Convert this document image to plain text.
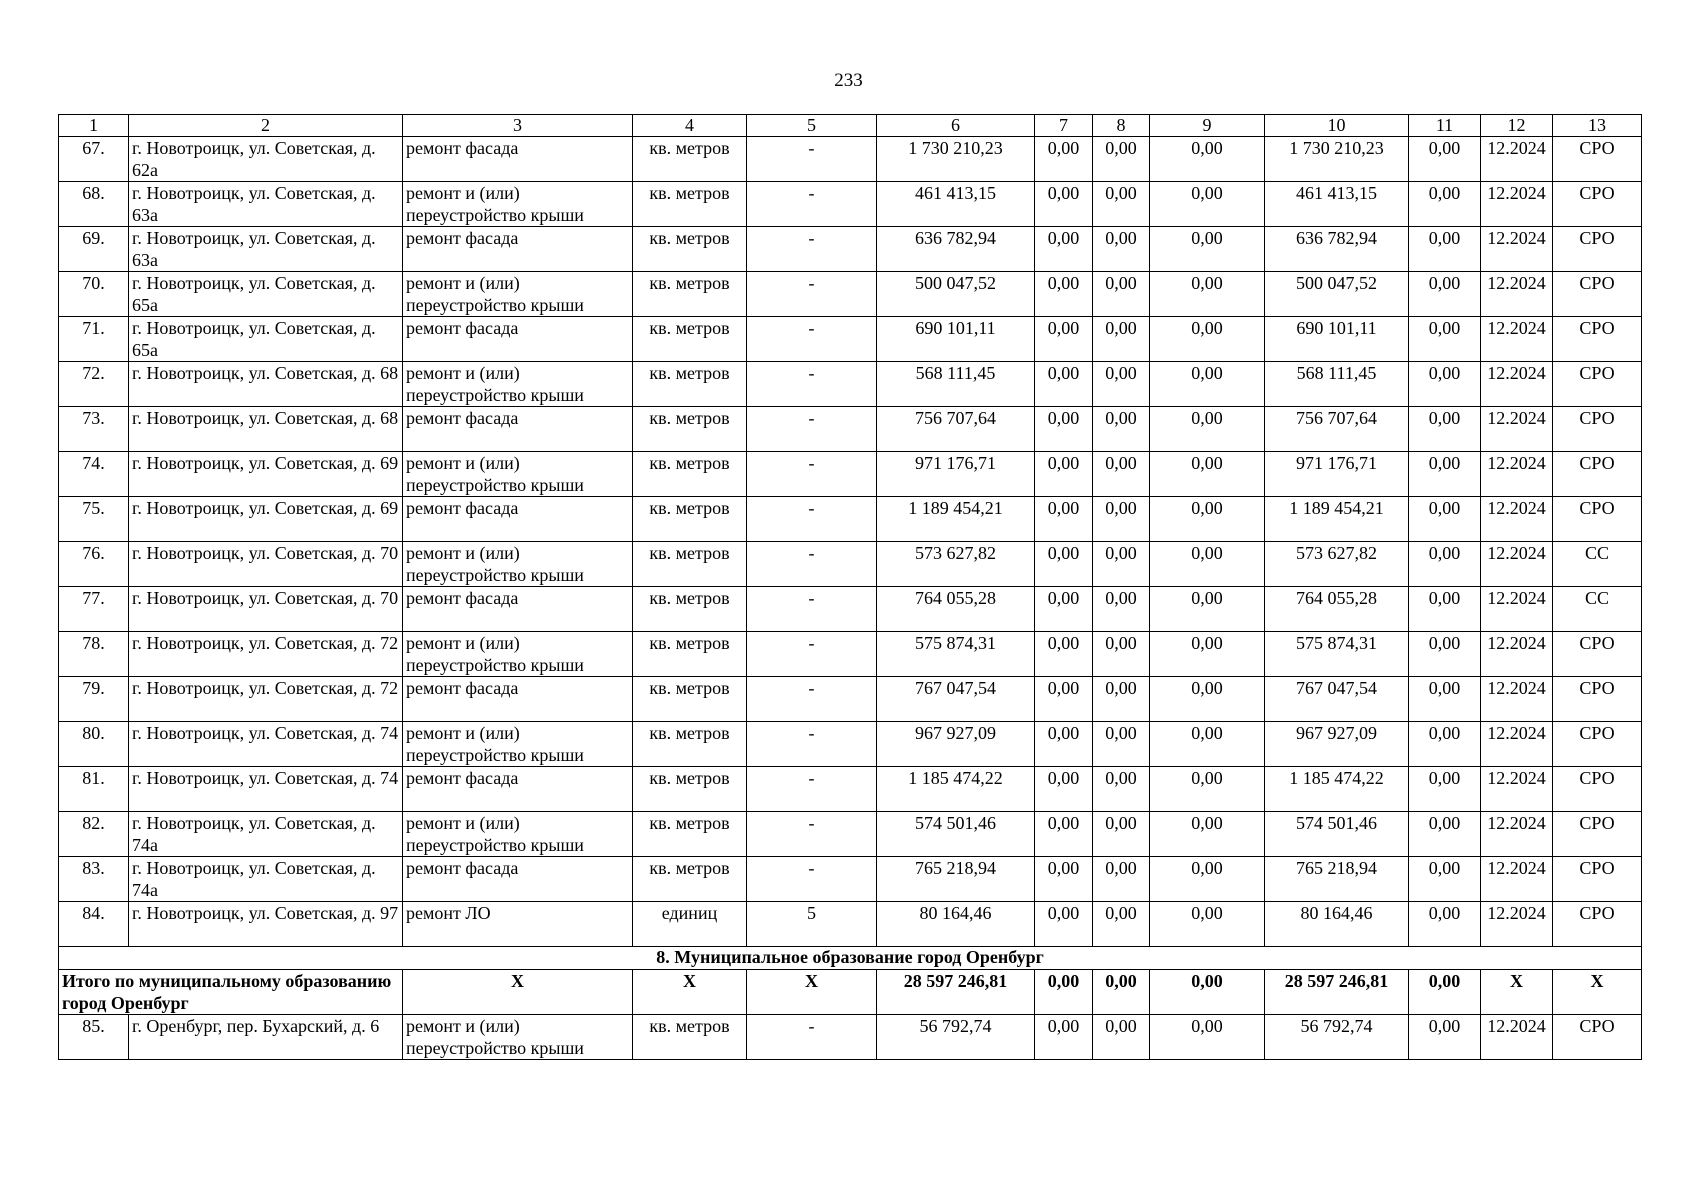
233
1	2	3	4	5	6	7	8	9	10	11	12	13
67.	г. Новотроицк, ул. Советская, д. 62а	ремонт фасада	кв. метров	-	1 730 210,23	0,00	0,00	0,00	1 730 210,23	0,00	12.2024	СРО
68.	г. Новотроицк, ул. Советская, д. 63а	ремонт и (или) переустройство крыши	кв. метров	-	461 413,15	0,00	0,00	0,00	461 413,15	0,00	12.2024	СРО
69.	г. Новотроицк, ул. Советская, д. 63а	ремонт фасада	кв. метров	-	636 782,94	0,00	0,00	0,00	636 782,94	0,00	12.2024	СРО
70.	г. Новотроицк, ул. Советская, д. 65а	ремонт и (или) переустройство крыши	кв. метров	-	500 047,52	0,00	0,00	0,00	500 047,52	0,00	12.2024	СРО
71.	г. Новотроицк, ул. Советская, д. 65а	ремонт фасада	кв. метров	-	690 101,11	0,00	0,00	0,00	690 101,11	0,00	12.2024	СРО
72.	г. Новотроицк, ул. Советская, д. 68	ремонт и (или) переустройство крыши	кв. метров	-	568 111,45	0,00	0,00	0,00	568 111,45	0,00	12.2024	СРО
73.	г. Новотроицк, ул. Советская, д. 68	ремонт фасада	кв. метров	-	756 707,64	0,00	0,00	0,00	756 707,64	0,00	12.2024	СРО
74.	г. Новотроицк, ул. Советская, д. 69	ремонт и (или) переустройство крыши	кв. метров	-	971 176,71	0,00	0,00	0,00	971 176,71	0,00	12.2024	СРО
75.	г. Новотроицк, ул. Советская, д. 69	ремонт фасада	кв. метров	-	1 189 454,21	0,00	0,00	0,00	1 189 454,21	0,00	12.2024	СРО
76.	г. Новотроицк, ул. Советская, д. 70	ремонт и (или) переустройство крыши	кв. метров	-	573 627,82	0,00	0,00	0,00	573 627,82	0,00	12.2024	СС
77.	г. Новотроицк, ул. Советская, д. 70	ремонт фасада	кв. метров	-	764 055,28	0,00	0,00	0,00	764 055,28	0,00	12.2024	СС
78.	г. Новотроицк, ул. Советская, д. 72	ремонт и (или) переустройство крыши	кв. метров	-	575 874,31	0,00	0,00	0,00	575 874,31	0,00	12.2024	СРО
79.	г. Новотроицк, ул. Советская, д. 72	ремонт фасада	кв. метров	-	767 047,54	0,00	0,00	0,00	767 047,54	0,00	12.2024	СРО
80.	г. Новотроицк, ул. Советская, д. 74	ремонт и (или) переустройство крыши	кв. метров	-	967 927,09	0,00	0,00	0,00	967 927,09	0,00	12.2024	СРО
81.	г. Новотроицк, ул. Советская, д. 74	ремонт фасада	кв. метров	-	1 185 474,22	0,00	0,00	0,00	1 185 474,22	0,00	12.2024	СРО
82.	г. Новотроицк, ул. Советская, д. 74а	ремонт и (или) переустройство крыши	кв. метров	-	574 501,46	0,00	0,00	0,00	574 501,46	0,00	12.2024	СРО
83.	г. Новотроицк, ул. Советская, д. 74а	ремонт фасада	кв. метров	-	765 218,94	0,00	0,00	0,00	765 218,94	0,00	12.2024	СРО
84.	г. Новотроицк, ул. Советская, д. 97	ремонт ЛО	единиц	5	80 164,46	0,00	0,00	0,00	80 164,46	0,00	12.2024	СРО
8. Муниципальное образование город Оренбург												
Итого по муниципальному образованию город Оренбург		Х	Х	Х	28 597 246,81	0,00	0,00	0,00	28 597 246,81	0,00	Х	Х
85.	г. Оренбург, пер. Бухарский, д. 6	ремонт и (или) переустройство крыши	кв. метров	-	56 792,74	0,00	0,00	0,00	56 792,74	0,00	12.2024	СРО
